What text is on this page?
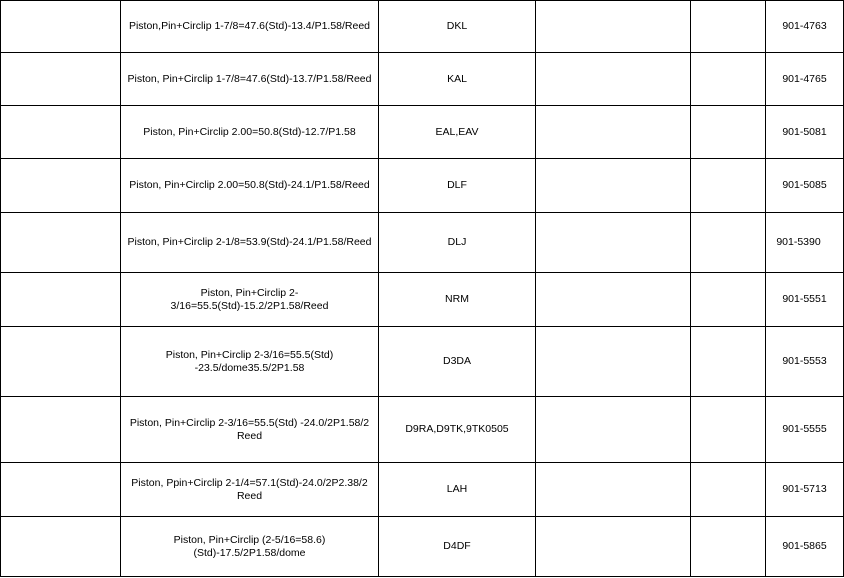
	Piston,Pin+Circlip 1-7/8=47.6(Std)-13.4/P1.58/Reed	DKL			901-4763
	Piston, Pin+Circlip 1-7/8=47.6(Std)-13.7/P1.58/Reed	KAL			901-4765
	Piston, Pin+Circlip 2.00=50.8(Std)-12.7/P1.58	EAL,EAV			901-5081
	Piston, Pin+Circlip 2.00=50.8(Std)-24.1/P1.58/Reed	DLF			901-5085
	Piston, Pin+Circlip 2-1/8=53.9(Std)-24.1/P1.58/Reed	DLJ			901-5390
	Piston, Pin+Circlip 2-3/16=55.5(Std)-15.2/2P1.58/Reed	NRM			901-5551
	Piston, Pin+Circlip 2-3/16=55.5(Std) -23.5/dome35.5/2P1.58	D3DA			901-5553
	Piston, Pin+Circlip 2-3/16=55.5(Std) -24.0/2P1.58/2 Reed	D9RA,D9TK,9TK0505			901-5555
	Piston, Ppin+Circlip 2-1/4=57.1(Std)-24.0/2P2.38/2 Reed	LAH			901-5713
	Piston, Pin+Circlip (2-5/16=58.6)(Std)-17.5/2P1.58/dome	D4DF			901-5865
